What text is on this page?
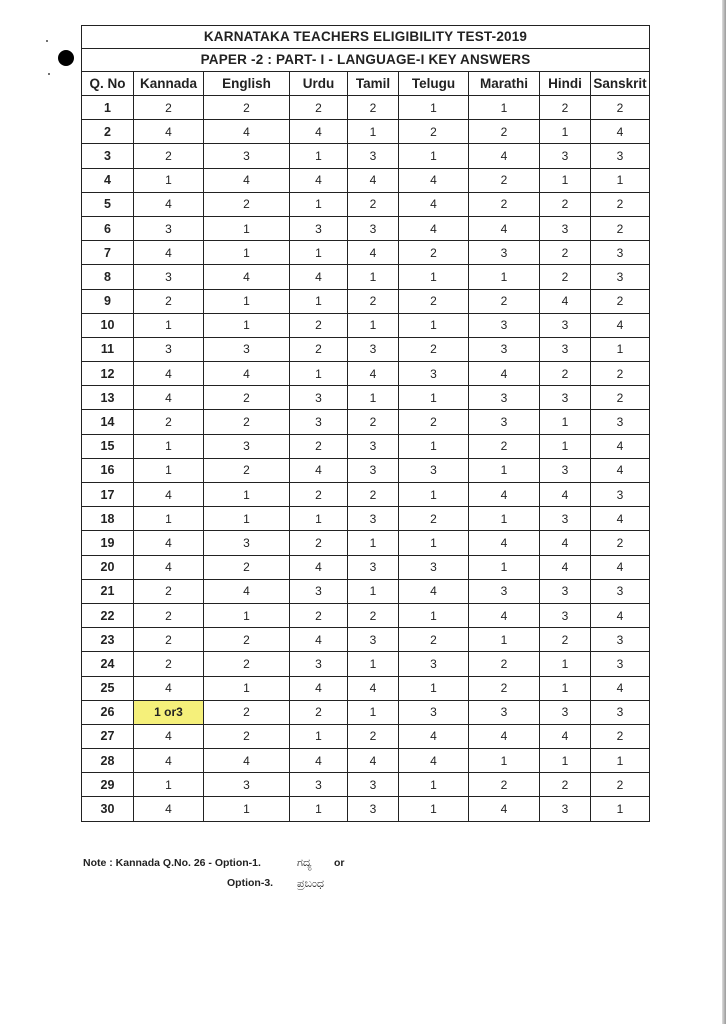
KARNATAKA TEACHERS ELIGIBILITY TEST-2019								
PAPER -2 : PART- I - LANGUAGE-I KEY ANSWERS								
Q. No	Kannada	English	Urdu	Tamil	Telugu	Marathi	Hindi	Sanskrit
1	2	2	2	2	1	1	2	2
2	4	4	4	1	2	2	1	4
3	2	3	1	3	1	4	3	3
4	1	4	4	4	4	2	1	1
5	4	2	1	2	4	2	2	2
6	3	1	3	3	4	4	3	2
7	4	1	1	4	2	3	2	3
8	3	4	4	1	1	1	2	3
9	2	1	1	2	2	2	4	2
10	1	1	2	1	1	3	3	4
11	3	3	2	3	2	3	3	1
12	4	4	1	4	3	4	2	2
13	4	2	3	1	1	3	3	2
14	2	2	3	2	2	3	1	3
15	1	3	2	3	1	2	1	4
16	1	2	4	3	3	1	3	4
17	4	1	2	2	1	4	4	3
18	1	1	1	3	2	1	3	4
19	4	3	2	1	1	4	4	2
20	4	2	4	3	3	1	4	4
21	2	4	3	1	4	3	3	3
22	2	1	2	2	1	4	3	4
23	2	2	4	3	2	1	2	3
24	2	2	3	1	3	2	1	3
25	4	1	4	4	1	2	1	4
26	1 or3	2	2	1	3	3	3	3
27	4	2	1	2	4	4	4	2
28	4	4	4	4	4	1	1	1
29	1	3	3	3	1	2	2	2
30	4	1	1	3	1	4	3	1
Note : Kannada Q.No. 26 - Option-1.	ಗದ್ಯ or
Option-3. ಪ್ರಬಂಧ
